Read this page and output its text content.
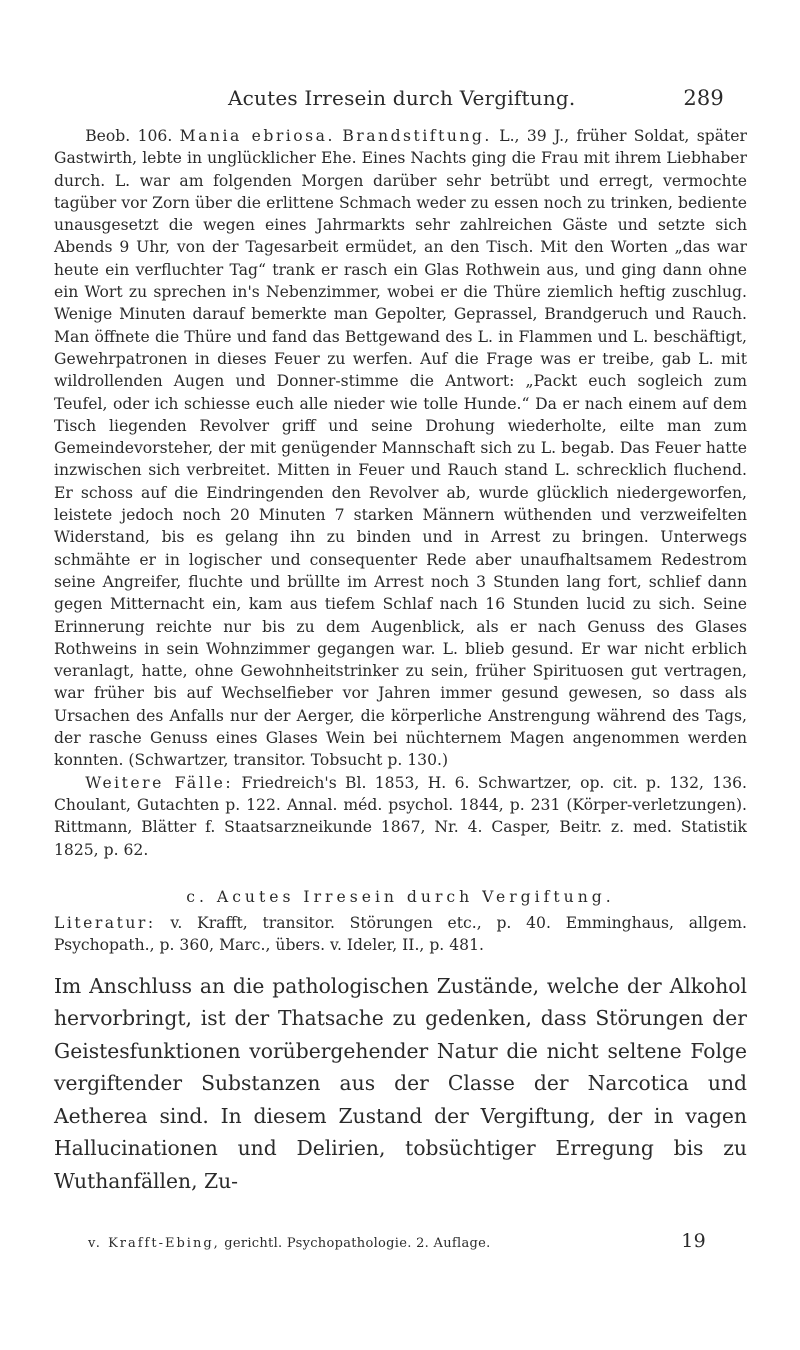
Acutes Irresein durch Vergiftung.	289

Beob. 106. Mania ebriosa. Brandstiftung. L., 39 J., früher Soldat, später Gastwirth, lebte in unglücklicher Ehe. Eines Nachts ging die Frau mit ihrem Liebhaber durch. L. war am folgenden Morgen darüber sehr betrübt und erregt, vermochte tagüber vor Zorn über die erlittene Schmach weder zu essen noch zu trinken, bediente unausgesetzt die wegen eines Jahrmarkts sehr zahlreichen Gäste und setzte sich Abends 9 Uhr, von der Tagesarbeit ermüdet, an den Tisch. Mit den Worten „das war heute ein verfluchter Tag“ trank er rasch ein Glas Rothwein aus, und ging dann ohne ein Wort zu sprechen in's Nebenzimmer, wobei er die Thüre ziemlich heftig zuschlug. Wenige Minuten darauf bemerkte man Gepolter, Geprassel, Brandgeruch und Rauch. Man öffnete die Thüre und fand das Bettgewand des L. in Flammen und L. beschäftigt, Gewehrpatronen in dieses Feuer zu werfen. Auf die Frage was er treibe, gab L. mit wildrollenden Augen und Donner-stimme die Antwort: „Packt euch sogleich zum Teufel, oder ich schiesse euch alle nieder wie tolle Hunde.“ Da er nach einem auf dem Tisch liegenden Revolver griff und seine Drohung wiederholte, eilte man zum Gemeindevorsteher, der mit genügender Mannschaft sich zu L. begab. Das Feuer hatte inzwischen sich verbreitet. Mitten in Feuer und Rauch stand L. schrecklich fluchend. Er schoss auf die Eindringenden den Revolver ab, wurde glücklich niedergeworfen, leistete jedoch noch 20 Minuten 7 starken Männern wüthenden und verzweifelten Widerstand, bis es gelang ihn zu binden und in Arrest zu bringen. Unterwegs schmähte er in logischer und consequenter Rede aber unaufhaltsamem Redestrom seine Angreifer, fluchte und brüllte im Arrest noch 3 Stunden lang fort, schlief dann gegen Mitternacht ein, kam aus tiefem Schlaf nach 16 Stunden lucid zu sich. Seine Erinnerung reichte nur bis zu dem Augenblick, als er nach Genuss des Glases Rothweins in sein Wohnzimmer gegangen war. L. blieb gesund. Er war nicht erblich veranlagt, hatte, ohne Gewohnheitstrinker zu sein, früher Spirituosen gut vertragen, war früher bis auf Wechselfieber vor Jahren immer gesund gewesen, so dass als Ursachen des Anfalls nur der Aerger, die körperliche Anstrengung während des Tags, der rasche Genuss eines Glases Wein bei nüchternem Magen angenommen werden konnten. (Schwartzer, transitor. Tobsucht p. 130.)

Weitere Fälle: Friedreich's Bl. 1853, H. 6. Schwartzer, op. cit. p. 132, 136. Choulant, Gutachten p. 122. Annal. méd. psychol. 1844, p. 231 (Körper-verletzungen). Rittmann, Blätter f. Staatsarzneikunde 1867, Nr. 4. Casper, Beitr. z. med. Statistik 1825, p. 62.

c. Acutes Irresein durch Vergiftung.

Literatur: v. Krafft, transitor. Störungen etc., p. 40. Emminghaus, allgem. Psychopath., p. 360, Marc., übers. v. Ideler, II., p. 481.

Im Anschluss an die pathologischen Zustände, welche der Alkohol hervorbringt, ist der Thatsache zu gedenken, dass Störungen der Geistesfunktionen vorübergehender Natur die nicht seltene Folge vergiftender Substanzen aus der Classe der Narcotica und Aetherea sind. In diesem Zustand der Vergiftung, der in vagen Hallucinationen und Delirien, tobsüchtiger Erregung bis zu Wuthanfällen, Zu-

v. Krafft-Ebing, gerichtl. Psychopathologie. 2. Auflage.	19
